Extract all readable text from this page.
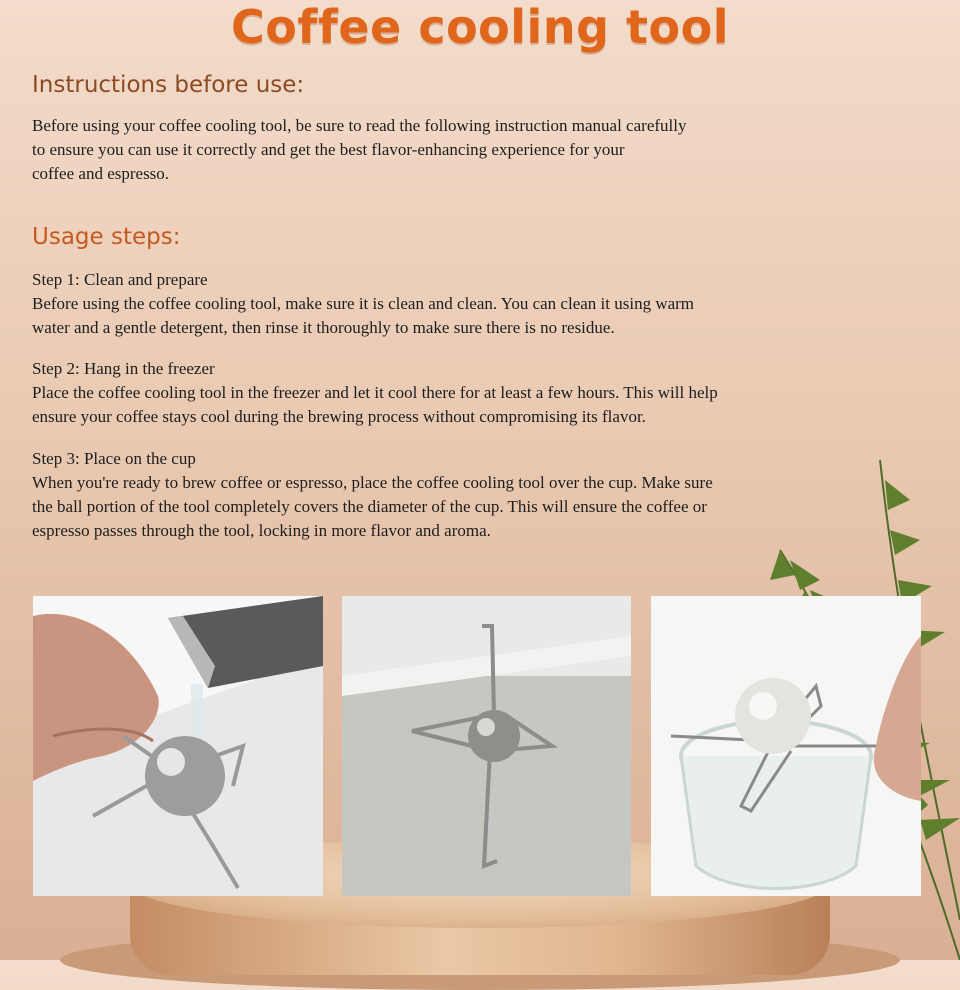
Coffee cooling tool
Instructions before use:
Before using your coffee cooling tool, be sure to read the following instruction manual carefully
to ensure you can use it correctly and get the best flavor-enhancing experience for your
coffee and espresso.
Usage steps:
Step 1: Clean and prepare
Before using the coffee cooling tool, make sure it is clean and clean. You can clean it using warm
water and a gentle detergent, then rinse it thoroughly to make sure there is no residue.
Step 2: Hang in the freezer
Place the coffee cooling tool in the freezer and let it cool there for at least a few hours. This will help
ensure your coffee stays cool during the brewing process without compromising its flavor.
Step 3: Place on the cup
When you're ready to brew coffee or espresso, place the coffee cooling tool over the cup. Make sure
the ball portion of the tool completely covers the diameter of the cup. This will ensure the coffee or
espresso passes through the tool, locking in more flavor and aroma.
